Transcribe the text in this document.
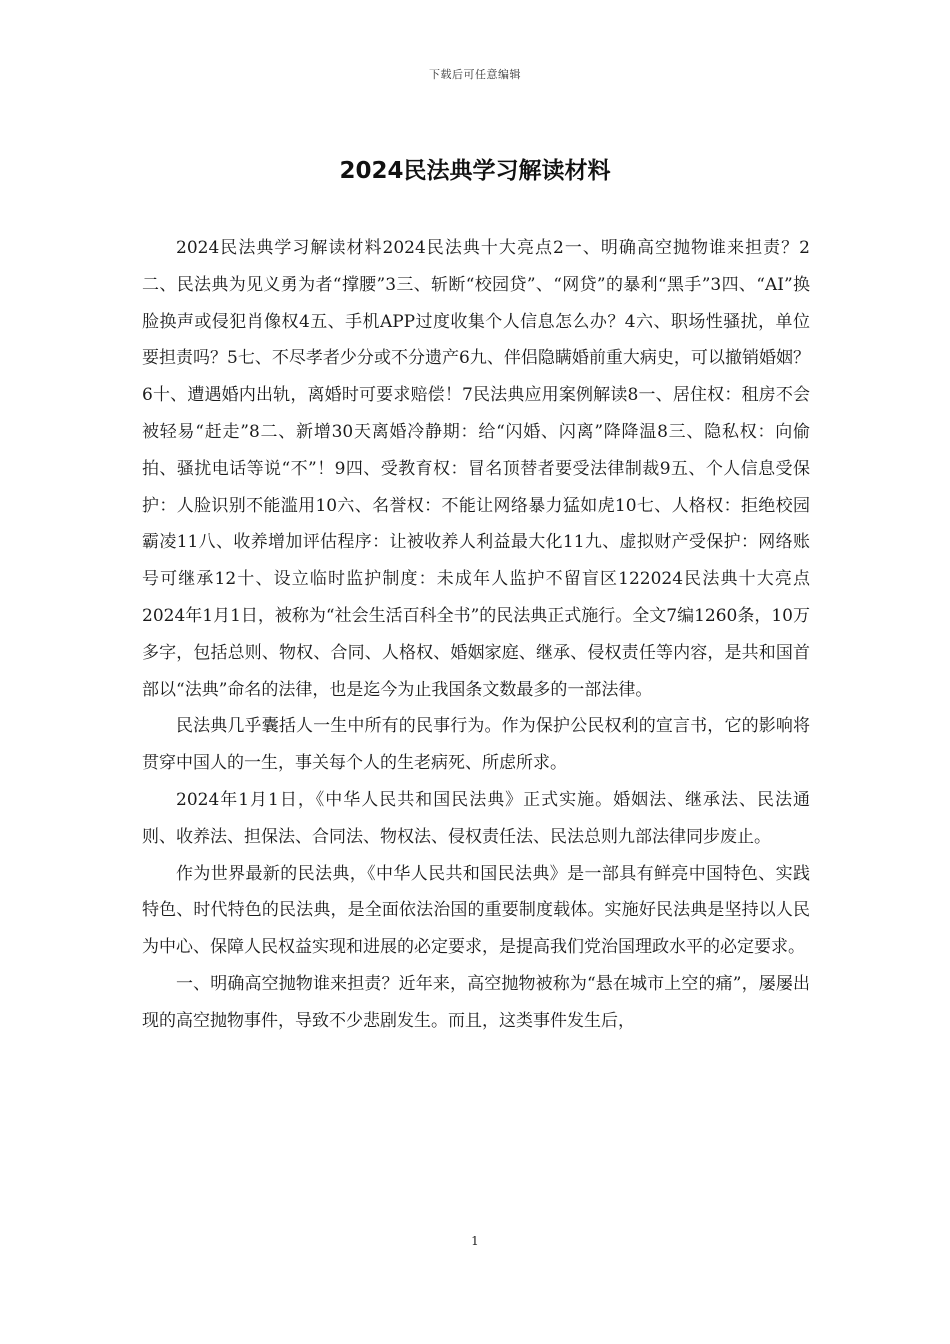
下载后可任意编辑
2024民法典学习解读材料

2024民法典学习解读材料2024民法典十大亮点2一、明确高空抛物谁来担责？2二、民法典为见义勇为者“撑腰”3三、斩断“校园贷”、“网贷”的暴利“黑手”3四、“AI”换脸换声或侵犯肖像权4五、手机APP过度收集个人信息怎么办？4六、职场性骚扰，单位要担责吗？5七、不尽孝者少分或不分遗产6九、伴侣隐瞒婚前重大病史，可以撤销婚姻？6十、遭遇婚内出轨，离婚时可要求赔偿！7民法典应用案例解读8一、居住权：租房不会被轻易“赶走”8二、新增30天离婚冷静期：给“闪婚、闪离”降降温8三、隐私权：向偷拍、骚扰电话等说“不”！9四、受教育权：冒名顶替者要受法律制裁9五、个人信息受保护：人脸识别不能滥用10六、名誉权：不能让网络暴力猛如虎10七、人格权：拒绝校园霸凌11八、收养增加评估程序：让被收养人利益最大化11九、虚拟财产受保护：网络账号可继承12十、设立临时监护制度：未成年人监护不留盲区122024民法典十大亮点2024年1月1日，被称为“社会生活百科全书”的民法典正式施行。全文7编1260条，10万多字，包括总则、物权、合同、人格权、婚姻家庭、继承、侵权责任等内容，是共和国首部以“法典”命名的法律，也是迄今为止我国条文数最多的一部法律。

民法典几乎囊括人一生中所有的民事行为。作为保护公民权利的宣言书，它的影响将贯穿中国人的一生，事关每个人的生老病死、所虑所求。

2024年1月1日，《中华人民共和国民法典》正式实施。婚姻法、继承法、民法通则、收养法、担保法、合同法、物权法、侵权责任法、民法总则九部法律同步废止。

作为世界最新的民法典，《中华人民共和国民法典》是一部具有鲜亮中国特色、实践特色、时代特色的民法典，是全面依法治国的重要制度载体。实施好民法典是坚持以人民为中心、保障人民权益实现和进展的必定要求，是提高我们党治国理政水平的必定要求。

一、明确高空抛物谁来担责？近年来，高空抛物被称为“悬在城市上空的痛”，屡屡出现的高空抛物事件，导致不少悲剧发生。而且，这类事件发生后，

1
